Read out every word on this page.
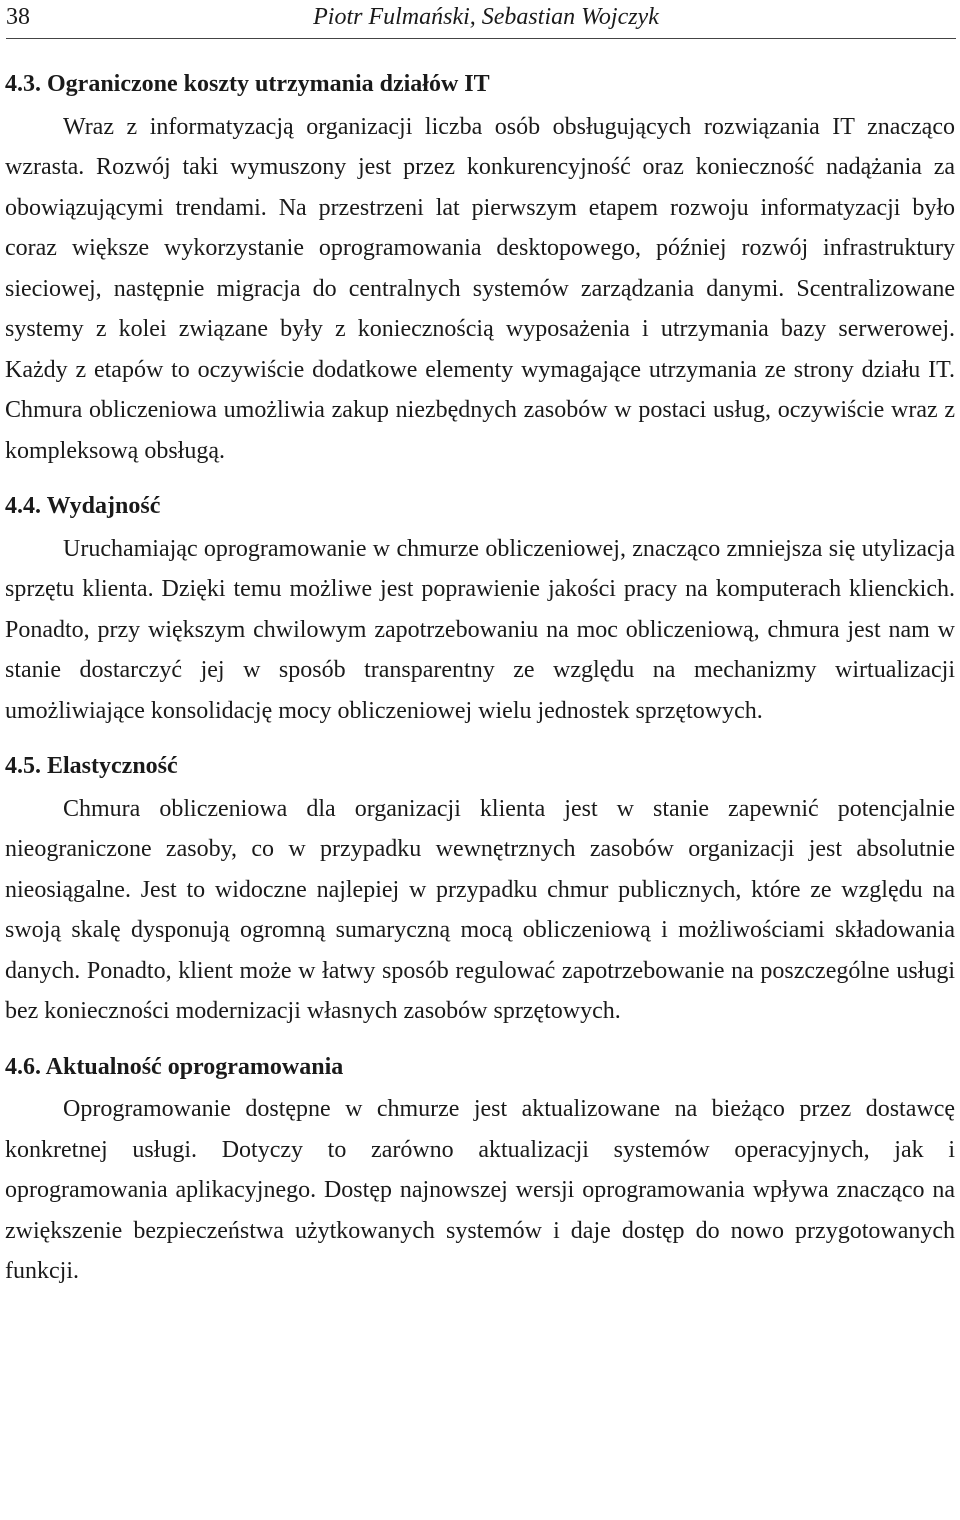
38	Piotr Fulmański, Sebastian Wojczyk
4.3. Ograniczone koszty utrzymania działów IT

Wraz z informatyzacją organizacji liczba osób obsługujących rozwiązania IT znacząco wzrasta. Rozwój taki wymuszony jest przez konkurencyjność oraz konieczność nadążania za obowiązującymi trendami. Na przestrzeni lat pierwszym etapem rozwoju informatyzacji było coraz większe wykorzystanie oprogramowania desktopowego, później rozwój infrastruktury sieciowej, następnie migracja do centralnych systemów zarządzania danymi. Scentralizowane systemy z kolei związane były z koniecznością wyposażenia i utrzymania bazy serwerowej. Każdy z etapów to oczywiście dodatkowe elementy wymagające utrzymania ze strony działu IT. Chmura obliczeniowa umożliwia zakup niezbędnych zasobów w postaci usług, oczywiście wraz z kompleksową obsługą.

4.4. Wydajność

Uruchamiając oprogramowanie w chmurze obliczeniowej, znacząco zmniejsza się utylizacja sprzętu klienta. Dzięki temu możliwe jest poprawienie jakości pracy na komputerach klienckich. Ponadto, przy większym chwilowym zapotrzebowaniu na moc obliczeniową, chmura jest nam w stanie dostarczyć jej w sposób transparentny ze względu na mechanizmy wirtualizacji umożliwiające konsolidację mocy obliczeniowej wielu jednostek sprzętowych.

4.5. Elastyczność

Chmura obliczeniowa dla organizacji klienta jest w stanie zapewnić potencjalnie nieograniczone zasoby, co w przypadku wewnętrznych zasobów organizacji jest absolutnie nieosiągalne. Jest to widoczne najlepiej w przypadku chmur publicznych, które ze względu na swoją skalę dysponują ogromną sumaryczną mocą obliczeniową i możliwościami składowania danych. Ponadto, klient może w łatwy sposób regulować zapotrzebowanie na poszczególne usługi bez konieczności modernizacji własnych zasobów sprzętowych.

4.6. Aktualność oprogramowania

Oprogramowanie dostępne w chmurze jest aktualizowane na bieżąco przez dostawcę konkretnej usługi. Dotyczy to zarówno aktualizacji systemów operacyjnych, jak i oprogramowania aplikacyjnego. Dostęp najnowszej wersji oprogramowania wpływa znacząco na zwiększenie bezpieczeństwa użytkowanych systemów i daje dostęp do nowo przygotowanych funkcji.
